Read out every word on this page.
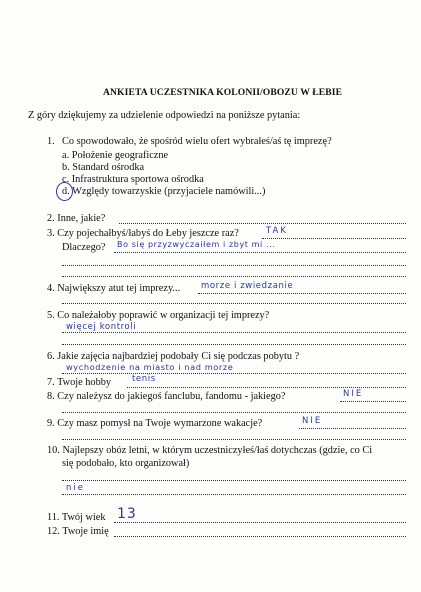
ANKIETA UCZESTNIKA KOLONII/OBOZU W ŁEBIE
Z góry dziękujemy za udzielenie odpowiedzi na poniższe pytania:
1. Co spowodowało, że spośród wielu ofert wybrałeś/aś tę imprezę?
a. Położenie geograficzne
b. Standard ośrodka
c. Infrastruktura sportowa ośrodka
d. Względy towarzyskie (przyjaciele namówili...)
2. Inne, jakie?
3. Czy pojechałbyś/łabyś do Łeby jeszcze raz?	TAK
Dlaczego? Bo się przyzwyczaiłem i zbyt mi ...
4. Największy atut tej imprezy... morze i zwiedzanie
5. Co należałoby poprawić w organizacji tej imprezy?
więcej kontroli
6. Jakie zajęcia najbardziej podobały Ci się podczas pobytu ?
wychodzenie na miasto i nad morze
7. Twoje hobby tenis
8. Czy należysz do jakiegoś fanclubu, fandomu - jakiego?	NIE
9. Czy masz pomysł na Twoje wymarzone wakacje?	NIE
10. Najlepszy obóz letni, w którym uczestniczyłeś/łaś dotychczas (gdzie, co Ci
się podobało, kto organizował)
nie
11. Twój wiek 13
12. Twoje imię
